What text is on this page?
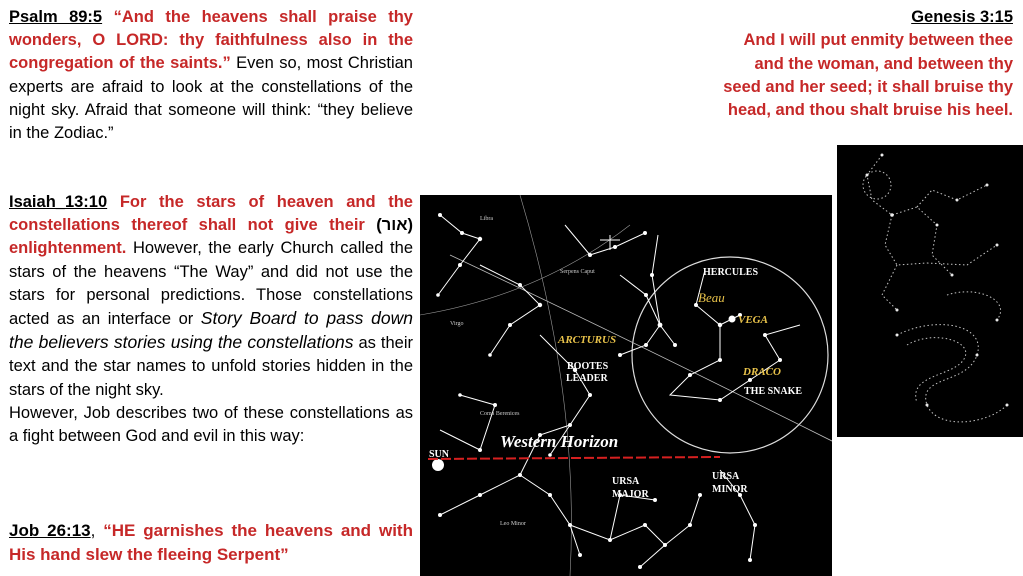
Psalm 89:5 “And the heavens shall praise thy wonders, O LORD: thy faithfulness also in the congregation of the saints.” Even so, most Christian experts are afraid to look at the constellations of the night sky. Afraid that someone will think: “they believe in the Zodiac.”
Isaiah_13:10 For the stars of heaven and the constellations thereof shall not give their (אור) enlightenment. However, the early Church called the stars of the heavens “The Way” and did not use the stars for personal predictions. Those constellations acted as an interface or Story Board to pass down the believers stories using the constellations as their text and the star names to unfold stories hidden in the stars of the night sky.
However, Job describes two of these constellations as a fight between God and evil in this way:
Job 26:13, “HE garnishes the heavens and with His hand slew the fleeing Serpent”
Genesis 3:15
And I will put enmity between thee and the woman, and between thy seed and her seed; it shall bruise thy head, and thou shalt bruise his heel.
Libra
Serpens Caput
Virgo
Coma Berenices
Leo Minor
HERCULES
Beau
VEGA
ARCTURUS
BOOTES
LEADER
DRACO
THE SNAKE
Western Horizon
SUN
URSA
MAJOR
URSA
MINOR
